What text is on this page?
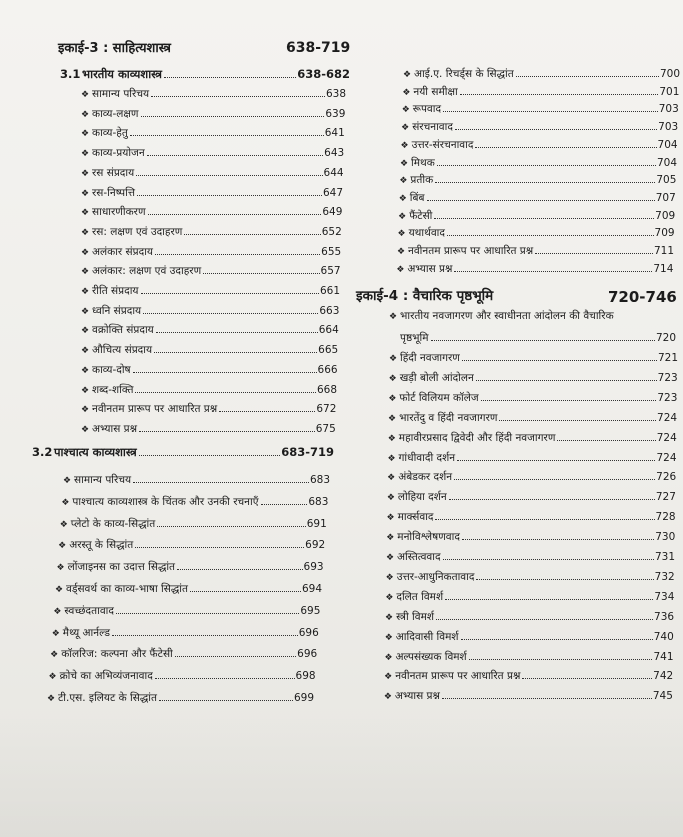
इकाई-3 : साहित्यशास्त्र	638-719
3.1 भारतीय काव्यशास्त्र	638-682
❖ सामान्य परिचय	638
❖ काव्य-लक्षण	639
❖ काव्य-हेतु	641
❖ काव्य-प्रयोजन	643
❖ रस संप्रदाय	644
❖ रस-निष्पत्ति	647
❖ साधारणीकरण	649
❖ रस: लक्षण एवं उदाहरण	652
❖ अलंकार संप्रदाय	655
❖ अलंकार: लक्षण एवं उदाहरण	657
❖ रीति संप्रदाय	661
❖ ध्वनि संप्रदाय	663
❖ वक्रोक्ति संप्रदाय	664
❖ औचित्य संप्रदाय	665
❖ काव्य-दोष	666
❖ शब्द-शक्ति	668
❖ नवीनतम प्रारूप पर आधारित प्रश्न	672
❖ अभ्यास प्रश्न	675
3.2 पाश्चात्य काव्यशास्त्र	683-719
❖ सामान्य परिचय	683
❖ पाश्चात्य काव्यशास्त्र के चिंतक और उनकी रचनाएँ	683
❖ प्लेटो के काव्य-सिद्धांत	691
❖ अरस्तू के सिद्धांत	692
❖ लोंजाइनस का उदात्त सिद्धांत	693
❖ वर्ड्सवर्थ का काव्य-भाषा सिद्धांत	694
❖ स्वच्छंदतावाद	695
❖ मैथ्यू आर्नल्ड	696
❖ कॉलरिज: कल्पना और फैंटेसी	696
❖ क्रोचे का अभिव्यंजनावाद	698
❖ टी.एस. इलियट के सिद्धांत	699
❖ आई.ए. रिचर्ड्स के सिद्धांत	700
❖ नयी समीक्षा	701
❖ रूपवाद	703
❖ संरचनावाद	703
❖ उत्तर-संरचनावाद	704
❖ मिथक	704
❖ प्रतीक	705
❖ बिंब	707
❖ फैंटेसी	709
❖ यथार्थवाद	709
❖ नवीनतम प्रारूप पर आधारित प्रश्न	711
❖ अभ्यास प्रश्न	714
इकाई-4 : वैचारिक पृष्ठभूमि	720-746
❖ भारतीय नवजागरण और स्वाधीनता आंदोलन की वैचारिक
पृष्ठभूमि	720
❖ हिंदी नवजागरण	721
❖ खड़ी बोली आंदोलन	723
❖ फोर्ट विलियम कॉलेज	723
❖ भारतेंदु व हिंदी नवजागरण	724
❖ महावीरप्रसाद द्विवेदी और हिंदी नवजागरण	724
❖ गांधीवादी दर्शन	724
❖ अंबेडकर दर्शन	726
❖ लोहिया दर्शन	727
❖ मार्क्सवाद	728
❖ मनोविश्लेषणवाद	730
❖ अस्तित्ववाद	731
❖ उत्तर-आधुनिकतावाद	732
❖ दलित विमर्श	734
❖ स्त्री विमर्श	736
❖ आदिवासी विमर्श	740
❖ अल्पसंख्यक विमर्श	741
❖ नवीनतम प्रारूप पर आधारित प्रश्न	742
❖ अभ्यास प्रश्न	745
